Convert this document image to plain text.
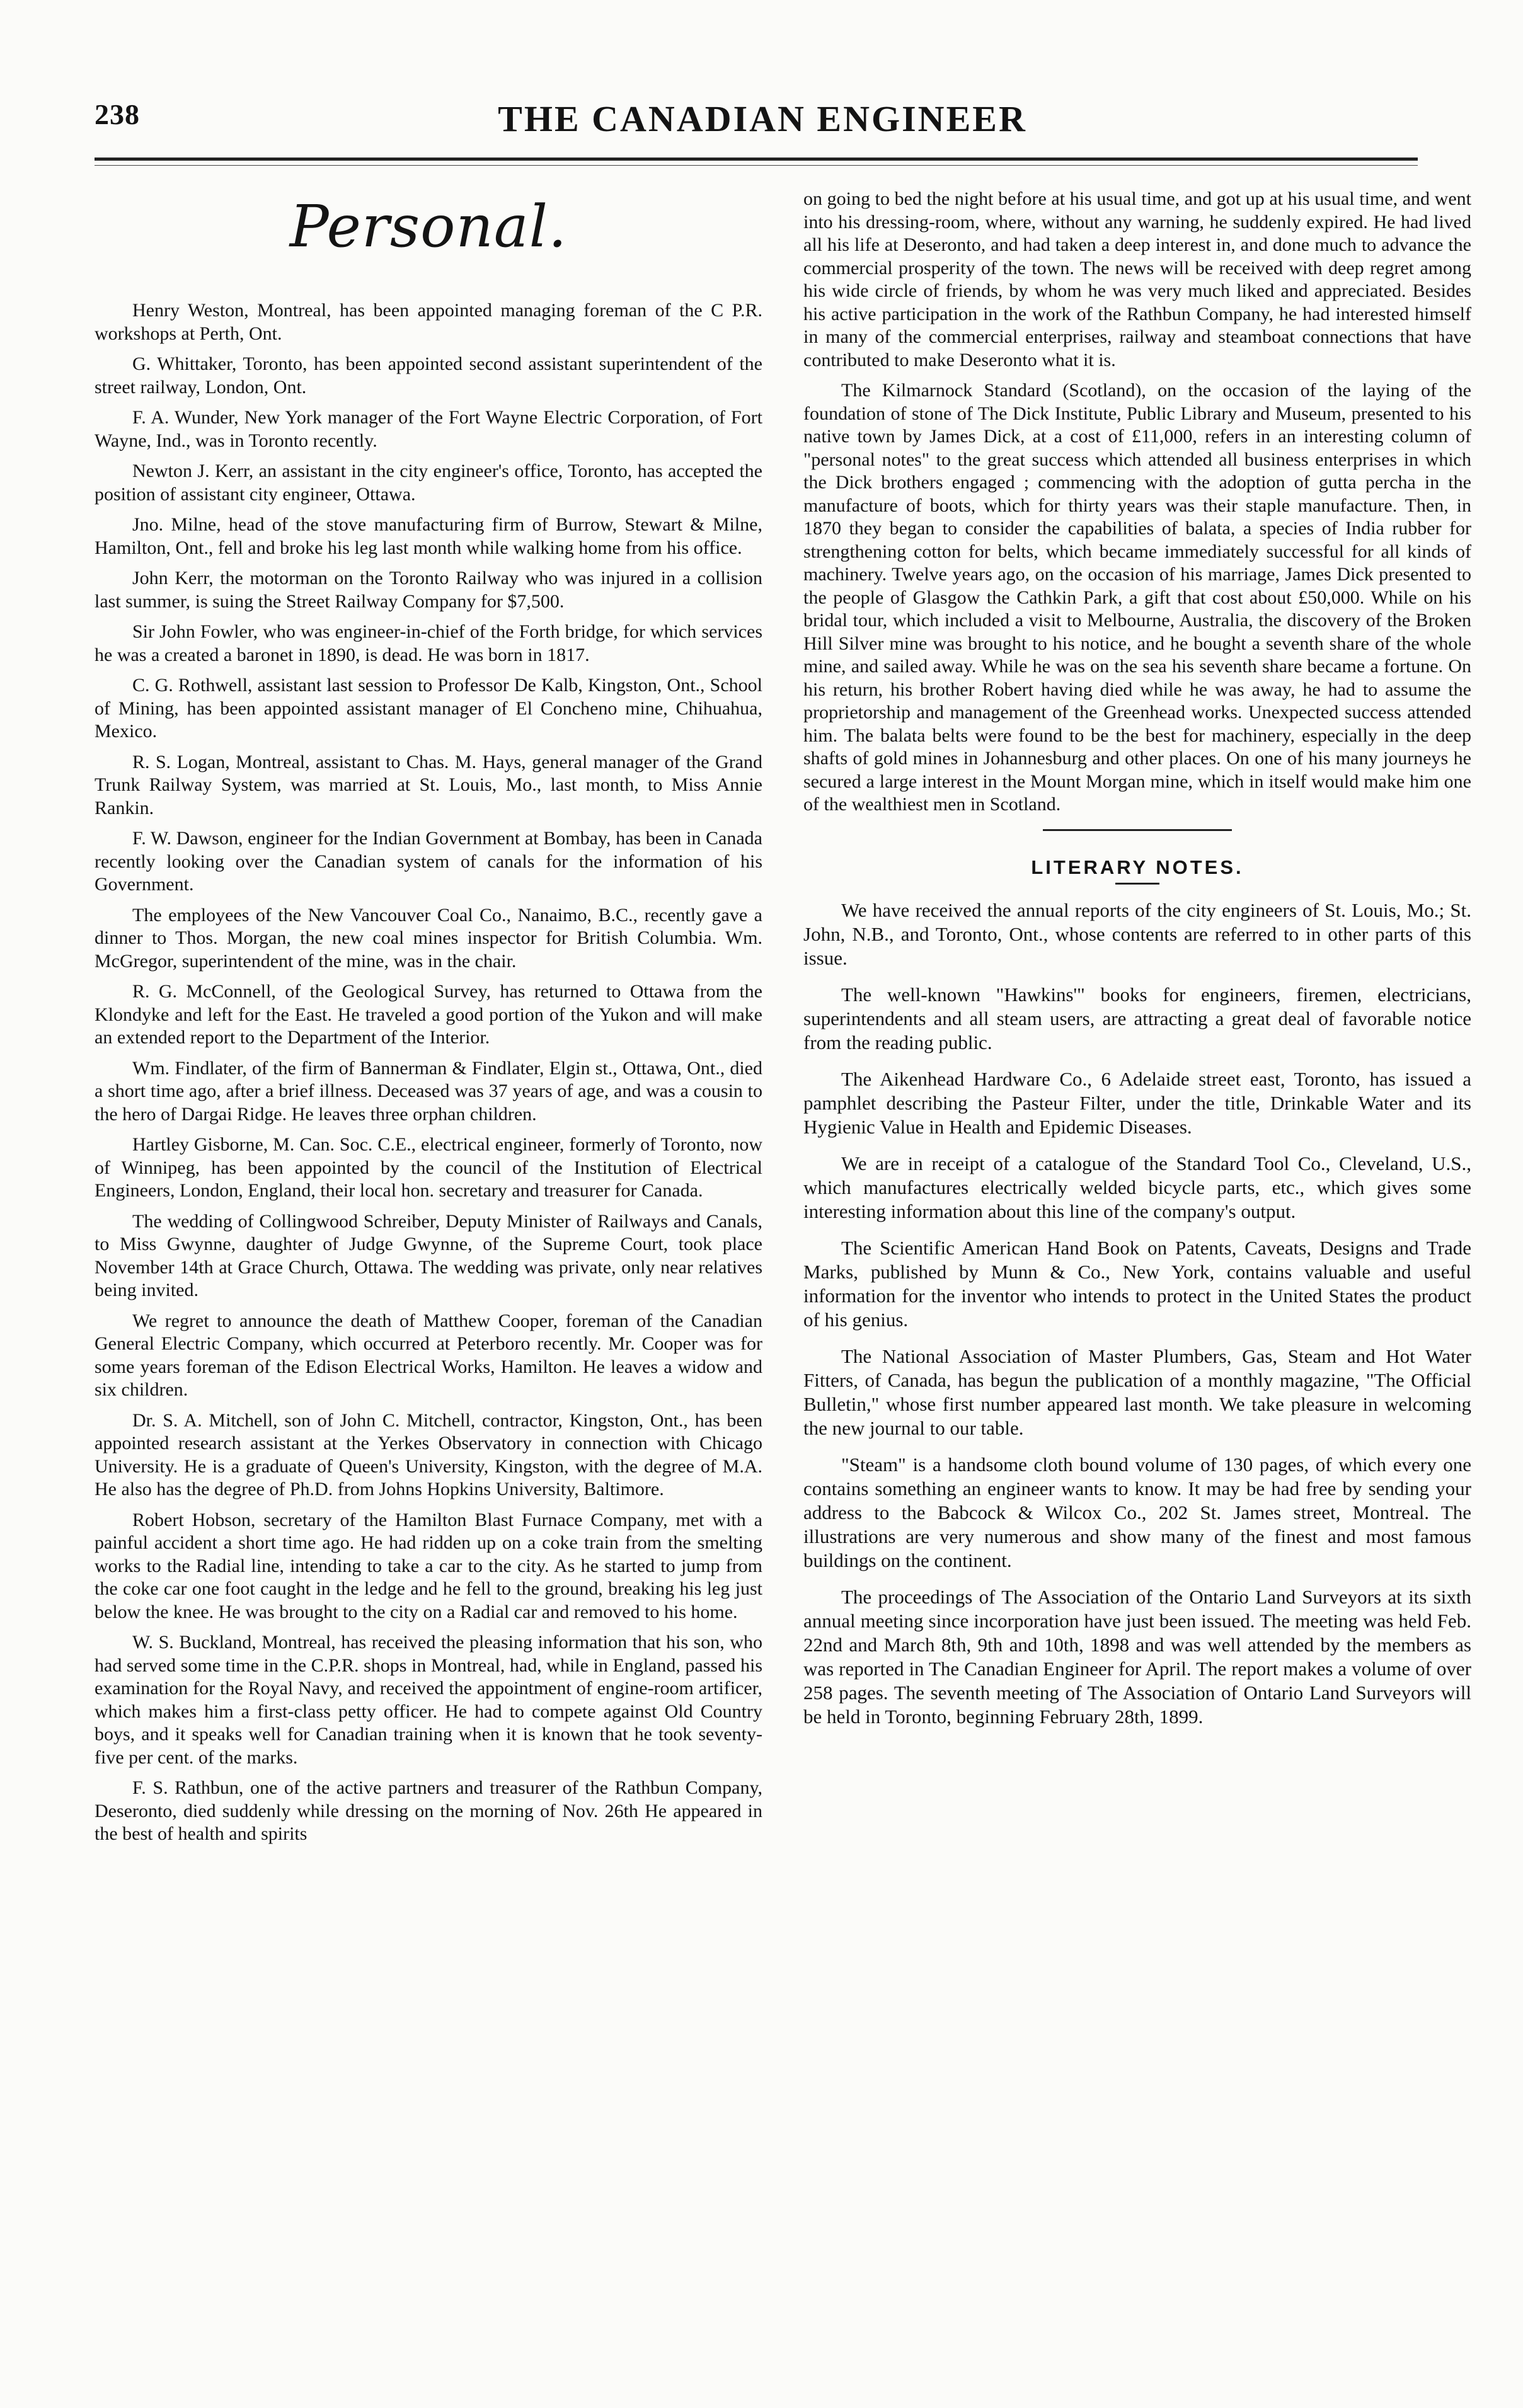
238	THE CANADIAN ENGINEER
Personal.

Henry Weston, Montreal, has been appointed managing foreman of the C P.R. workshops at Perth, Ont.

G. Whittaker, Toronto, has been appointed second assistant superintendent of the street railway, London, Ont.

F. A. Wunder, New York manager of the Fort Wayne Electric Corporation, of Fort Wayne, Ind., was in Toronto recently.

Newton J. Kerr, an assistant in the city engineer's office, Toronto, has accepted the position of assistant city engineer, Ottawa.

Jno. Milne, head of the stove manufacturing firm of Burrow, Stewart & Milne, Hamilton, Ont., fell and broke his leg last month while walking home from his office.

John Kerr, the motorman on the Toronto Railway who was injured in a collision last summer, is suing the Street Railway Company for $7,500.

Sir John Fowler, who was engineer-in-chief of the Forth bridge, for which services he was a created a baronet in 1890, is dead. He was born in 1817.

C. G. Rothwell, assistant last session to Professor De Kalb, Kingston, Ont., School of Mining, has been appointed assistant manager of El Concheno mine, Chihuahua, Mexico.

R. S. Logan, Montreal, assistant to Chas. M. Hays, general manager of the Grand Trunk Railway System, was married at St. Louis, Mo., last month, to Miss Annie Rankin.

F. W. Dawson, engineer for the Indian Government at Bombay, has been in Canada recently looking over the Canadian system of canals for the information of his Government.

The employees of the New Vancouver Coal Co., Nanaimo, B.C., recently gave a dinner to Thos. Morgan, the new coal mines inspector for British Columbia. Wm. McGregor, superintendent of the mine, was in the chair.

R. G. McConnell, of the Geological Survey, has returned to Ottawa from the Klondyke and left for the East. He traveled a good portion of the Yukon and will make an extended report to the Department of the Interior.

Wm. Findlater, of the firm of Bannerman & Findlater, Elgin st., Ottawa, Ont., died a short time ago, after a brief illness. Deceased was 37 years of age, and was a cousin to the hero of Dargai Ridge. He leaves three orphan children.

Hartley Gisborne, M. Can. Soc. C.E., electrical engineer, formerly of Toronto, now of Winnipeg, has been appointed by the council of the Institution of Electrical Engineers, London, England, their local hon. secretary and treasurer for Canada.

The wedding of Collingwood Schreiber, Deputy Minister of Railways and Canals, to Miss Gwynne, daughter of Judge Gwynne, of the Supreme Court, took place November 14th at Grace Church, Ottawa. The wedding was private, only near relatives being invited.

We regret to announce the death of Matthew Cooper, foreman of the Canadian General Electric Company, which occurred at Peterboro recently. Mr. Cooper was for some years foreman of the Edison Electrical Works, Hamilton. He leaves a widow and six children.

Dr. S. A. Mitchell, son of John C. Mitchell, contractor, Kingston, Ont., has been appointed research assistant at the Yerkes Observatory in connection with Chicago University. He is a graduate of Queen's University, Kingston, with the degree of M.A. He also has the degree of Ph.D. from Johns Hopkins University, Baltimore.

Robert Hobson, secretary of the Hamilton Blast Furnace Company, met with a painful accident a short time ago. He had ridden up on a coke train from the smelting works to the Radial line, intending to take a car to the city. As he started to jump from the coke car one foot caught in the ledge and he fell to the ground, breaking his leg just below the knee. He was brought to the city on a Radial car and removed to his home.

W. S. Buckland, Montreal, has received the pleasing information that his son, who had served some time in the C.P.R. shops in Montreal, had, while in England, passed his examination for the Royal Navy, and received the appointment of engine-room artificer, which makes him a first-class petty officer. He had to compete against Old Country boys, and it speaks well for Canadian training when it is known that he took seventy-five per cent. of the marks.

F. S. Rathbun, one of the active partners and treasurer of the Rathbun Company, Deseronto, died suddenly while dressing on the morning of Nov. 26th He appeared in the best of health and spirits

on going to bed the night before at his usual time, and got up at his usual time, and went into his dressing-room, where, without any warning, he suddenly expired. He had lived all his life at Deseronto, and had taken a deep interest in, and done much to advance the commercial prosperity of the town. The news will be received with deep regret among his wide circle of friends, by whom he was very much liked and appreciated. Besides his active participation in the work of the Rathbun Company, he had interested himself in many of the commercial enterprises, railway and steamboat connections that have contributed to make Deseronto what it is.

The Kilmarnock Standard (Scotland), on the occasion of the laying of the foundation of stone of The Dick Institute, Public Library and Museum, presented to his native town by James Dick, at a cost of £11,000, refers in an interesting column of "personal notes" to the great success which attended all business enterprises in which the Dick brothers engaged ; commencing with the adoption of gutta percha in the manufacture of boots, which for thirty years was their staple manufacture. Then, in 1870 they began to consider the capabilities of balata, a species of India rubber for strengthening cotton for belts, which became immediately successful for all kinds of machinery. Twelve years ago, on the occasion of his marriage, James Dick presented to the people of Glasgow the Cathkin Park, a gift that cost about £50,000. While on his bridal tour, which included a visit to Melbourne, Australia, the discovery of the Broken Hill Silver mine was brought to his notice, and he bought a seventh share of the whole mine, and sailed away. While he was on the sea his seventh share became a fortune. On his return, his brother Robert having died while he was away, he had to assume the proprietorship and management of the Greenhead works. Unexpected success attended him. The balata belts were found to be the best for machinery, especially in the deep shafts of gold mines in Johannesburg and other places. On one of his many journeys he secured a large interest in the Mount Morgan mine, which in itself would make him one of the wealthiest men in Scotland.

LITERARY NOTES.

We have received the annual reports of the city engineers of St. Louis, Mo.; St. John, N.B., and Toronto, Ont., whose contents are referred to in other parts of this issue.

The well-known "Hawkins'" books for engineers, firemen, electricians, superintendents and all steam users, are attracting a great deal of favorable notice from the reading public.

The Aikenhead Hardware Co., 6 Adelaide street east, Toronto, has issued a pamphlet describing the Pasteur Filter, under the title, Drinkable Water and its Hygienic Value in Health and Epidemic Diseases.

We are in receipt of a catalogue of the Standard Tool Co., Cleveland, U.S., which manufactures electrically welded bicycle parts, etc., which gives some interesting information about this line of the company's output.

The Scientific American Hand Book on Patents, Caveats, Designs and Trade Marks, published by Munn & Co., New York, contains valuable and useful information for the inventor who intends to protect in the United States the product of his genius.

The National Association of Master Plumbers, Gas, Steam and Hot Water Fitters, of Canada, has begun the publication of a monthly magazine, "The Official Bulletin," whose first number appeared last month. We take pleasure in welcoming the new journal to our table.

"Steam" is a handsome cloth bound volume of 130 pages, of which every one contains something an engineer wants to know. It may be had free by sending your address to the Babcock & Wilcox Co., 202 St. James street, Montreal. The illustrations are very numerous and show many of the finest and most famous buildings on the continent.

The proceedings of The Association of the Ontario Land Surveyors at its sixth annual meeting since incorporation have just been issued. The meeting was held Feb. 22nd and March 8th, 9th and 10th, 1898 and was well attended by the members as was reported in The Canadian Engineer for April. The report makes a volume of over 258 pages. The seventh meeting of The Association of Ontario Land Surveyors will be held in Toronto, beginning February 28th, 1899.
